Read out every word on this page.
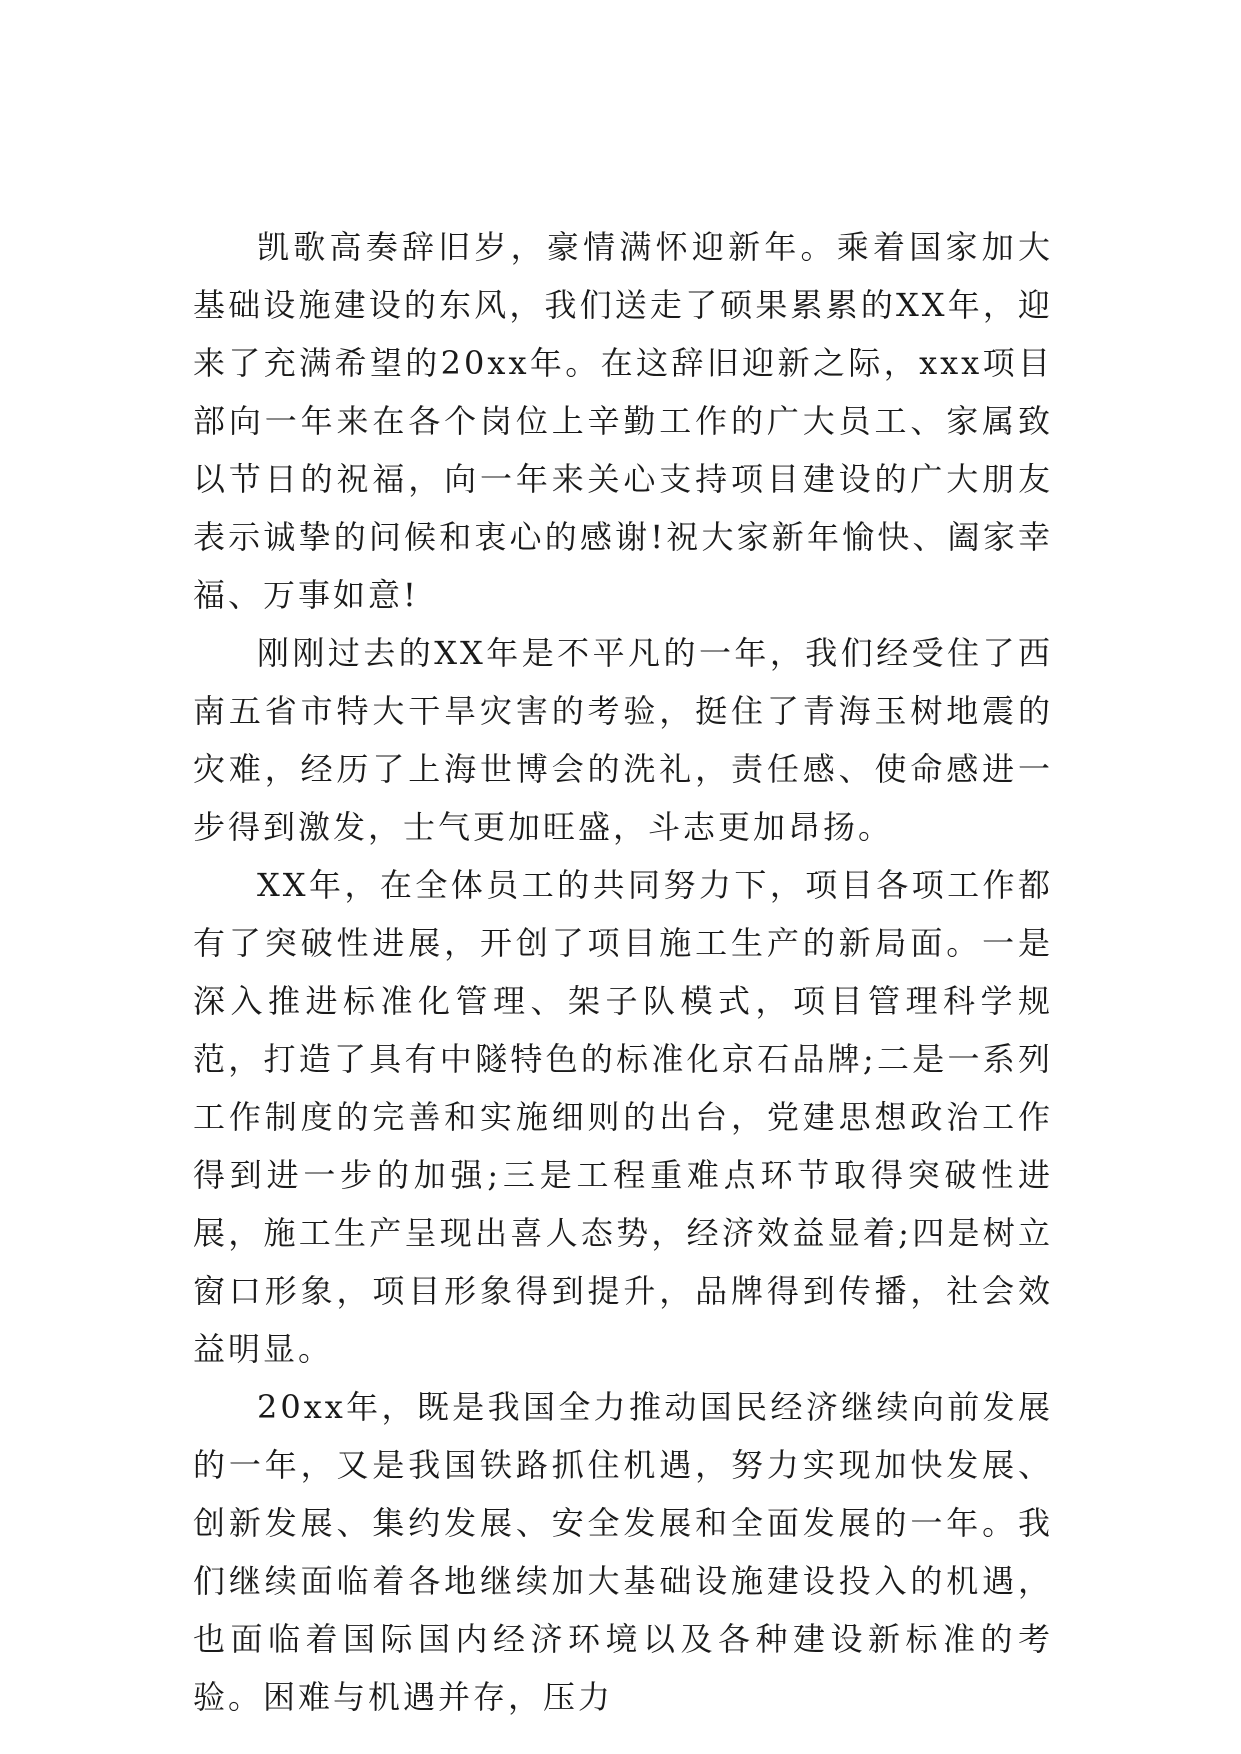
凯歌高奏辞旧岁，豪情满怀迎新年。乘着国家加大基础设施建设的东风，我们送走了硕果累累的XX年，迎来了充满希望的20xx年。在这辞旧迎新之际，xxx项目部向一年来在各个岗位上辛勤工作的广大员工、家属致以节日的祝福，向一年来关心支持项目建设的广大朋友表示诚挚的问候和衷心的感谢!祝大家新年愉快、阖家幸福、万事如意!

刚刚过去的XX年是不平凡的一年，我们经受住了西南五省市特大干旱灾害的考验，挺住了青海玉树地震的灾难，经历了上海世博会的洗礼，责任感、使命感进一步得到激发，士气更加旺盛，斗志更加昂扬。

XX年，在全体员工的共同努力下，项目各项工作都有了突破性进展，开创了项目施工生产的新局面。一是深入推进标准化管理、架子队模式，项目管理科学规范，打造了具有中隧特色的标准化京石品牌;二是一系列工作制度的完善和实施细则的出台，党建思想政治工作得到进一步的加强;三是工程重难点环节取得突破性进展，施工生产呈现出喜人态势，经济效益显着;四是树立窗口形象，项目形象得到提升，品牌得到传播，社会效益明显。

20xx年，既是我国全力推动国民经济继续向前发展的一年，又是我国铁路抓住机遇，努力实现加快发展、创新发展、集约发展、安全发展和全面发展的一年。我们继续面临着各地继续加大基础设施建设投入的机遇，也面临着国际国内经济环境以及各种建设新标准的考验。困难与机遇并存，压力
